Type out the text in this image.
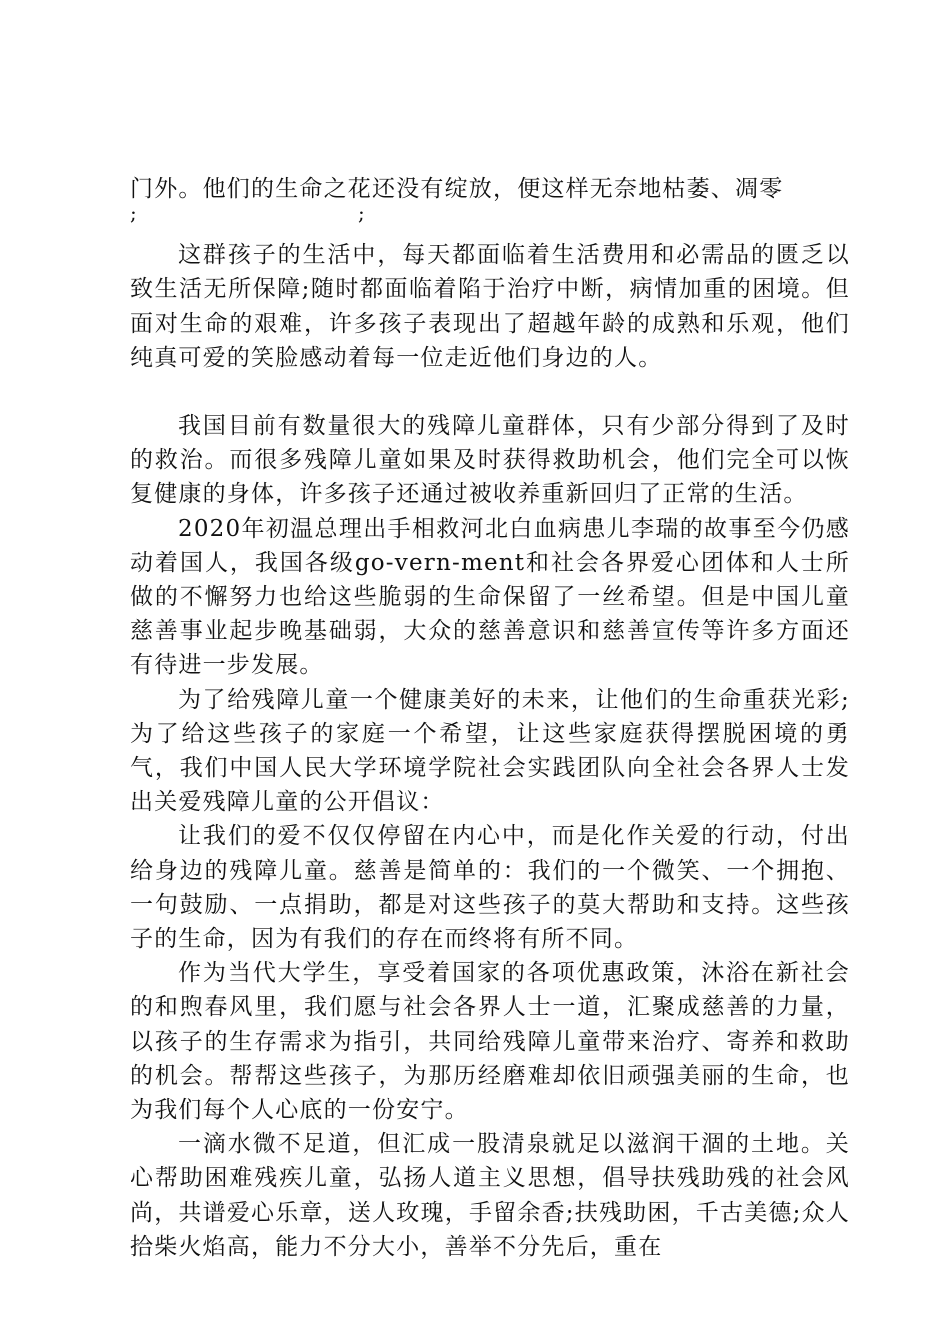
门外。他们的生命之花还没有绽放，便这样无奈地枯萎、凋零

;	;

这群孩子的生活中，每天都面临着生活费用和必需品的匮乏以致生活无所保障;随时都面临着陷于治疗中断，病情加重的困境。但面对生命的艰难，许多孩子表现出了超越年龄的成熟和乐观，他们纯真可爱的笑脸感动着每一位走近他们身边的人。

我国目前有数量很大的残障儿童群体，只有少部分得到了及时的救治。而很多残障儿童如果及时获得救助机会，他们完全可以恢复健康的身体，许多孩子还通过被收养重新回归了正常的生活。

2020年初温总理出手相救河北白血病患儿李瑞的故事至今仍感动着国人，我国各级go-vern-ment和社会各界爱心团体和人士所做的不懈努力也给这些脆弱的生命保留了一丝希望。但是中国儿童慈善事业起步晚基础弱，大众的慈善意识和慈善宣传等许多方面还有待进一步发展。

为了给残障儿童一个健康美好的未来，让他们的生命重获光彩;为了给这些孩子的家庭一个希望，让这些家庭获得摆脱困境的勇气，我们中国人民大学环境学院社会实践团队向全社会各界人士发出关爱残障儿童的公开倡议：

让我们的爱不仅仅停留在内心中，而是化作关爱的行动，付出给身边的残障儿童。慈善是简单的：我们的一个微笑、一个拥抱、一句鼓励、一点捐助，都是对这些孩子的莫大帮助和支持。这些孩子的生命，因为有我们的存在而终将有所不同。

作为当代大学生，享受着国家的各项优惠政策，沐浴在新社会的和煦春风里，我们愿与社会各界人士一道，汇聚成慈善的力量，以孩子的生存需求为指引，共同给残障儿童带来治疗、寄养和救助的机会。帮帮这些孩子，为那历经磨难却依旧顽强美丽的生命，也为我们每个人心底的一份安宁。

一滴水微不足道，但汇成一股清泉就足以滋润干涸的土地。关心帮助困难残疾儿童，弘扬人道主义思想，倡导扶残助残的社会风尚，共谱爱心乐章，送人玫瑰，手留余香;扶残助困，千古美德;众人拾柴火焰高，能力不分大小，善举不分先后，重在
